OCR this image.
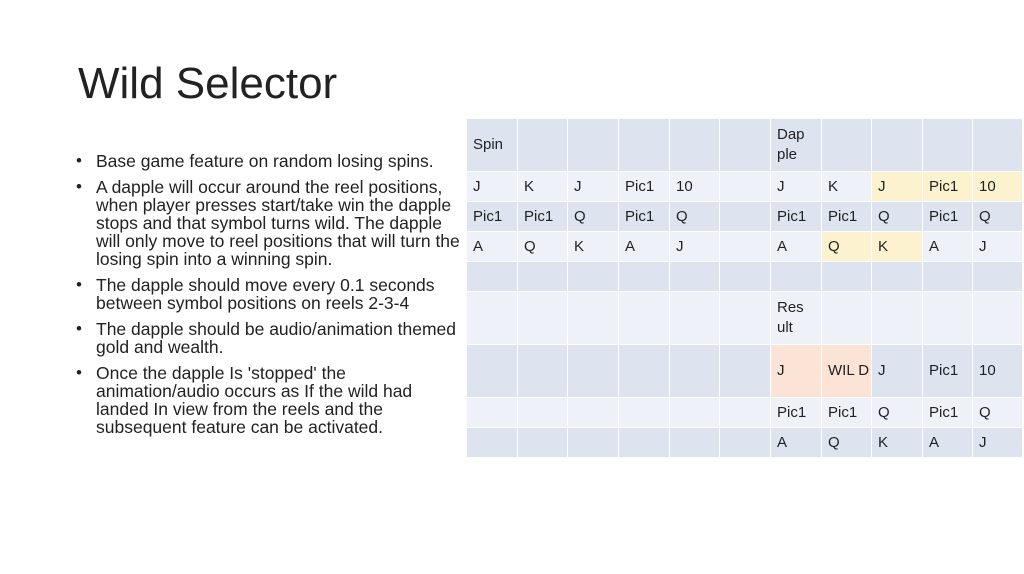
Wild Selector
• Base game feature on random losing spins.
• A dapple will occur around the reel positions, when player presses start/take win the dapple stops and that symbol turns wild. The dapple will only move to reel positions that will turn the losing spin into a winning spin.
• The dapple should move every 0.1 seconds between symbol positions on reels 2-3-4
• The dapple should be audio/animation themed gold and wealth.
• Once the dapple Is 'stopped' the animation/audio occurs as If the wild had landed In view from the reels and the subsequent feature can be activated.
Spin						Dap ple				
J	K	J	Pic1	10		J	K	J	Pic1	10
Pic1	Pic1	Q	Pic1	Q		Pic1	Pic1	Q	Pic1	Q
A	Q	K	A	J		A	Q	K	A	J

						Res ult				
						J	WIL D	J	Pic1	10
						Pic1	Pic1	Q	Pic1	Q
						A	Q	K	A	J
